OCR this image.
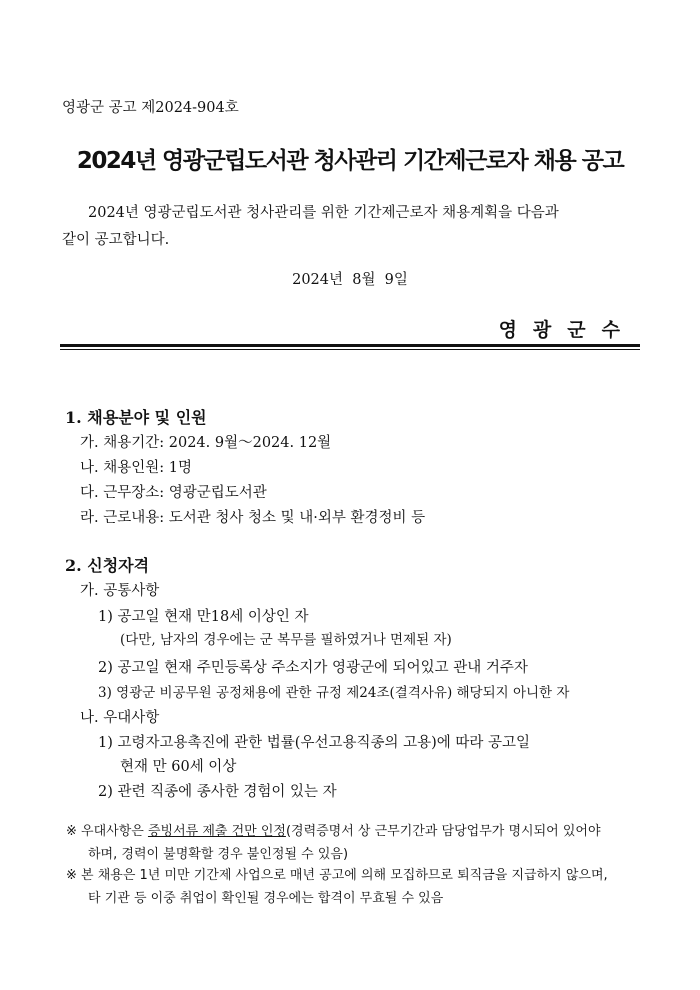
영광군 공고 제2024-904호
2024년 영광군립도서관 청사관리 기간제근로자 채용 공고
2024년 영광군립도서관 청사관리를 위한 기간제근로자 채용계획을 다음과
같이 공고합니다.
2024년  8월  9일
영광군수
1. 채용분야 및 인원
가. 채용기간: 2024. 9월～2024. 12월
나. 채용인원: 1명
다. 근무장소: 영광군립도서관
라. 근로내용: 도서관 청사 청소 및 내·외부 환경정비 등
2. 신청자격
가. 공통사항
1) 공고일 현재 만18세 이상인 자
(다만, 남자의 경우에는 군 복무를 필하였거나 면제된 자)
2) 공고일 현재 주민등록상 주소지가 영광군에 되어있고 관내 거주자
3) 영광군 비공무원 공정채용에 관한 규정 제24조(결격사유) 해당되지 아니한 자
나. 우대사항
1) 고령자고용촉진에 관한 법률(우선고용직종의 고용)에 따라 공고일
현재 만 60세 이상
2) 관련 직종에 종사한 경험이 있는 자
※ 우대사항은 증빙서류 제출 건만 인정(경력증명서 상 근무기간과 담당업무가 명시되어 있어야
하며, 경력이 불명확할 경우 불인정될 수 있음)
※ 본 채용은 1년 미만 기간제 사업으로 매년 공고에 의해 모집하므로 퇴직금을 지급하지 않으며,
타 기관 등 이중 취업이 확인될 경우에는 합격이 무효될 수 있음
